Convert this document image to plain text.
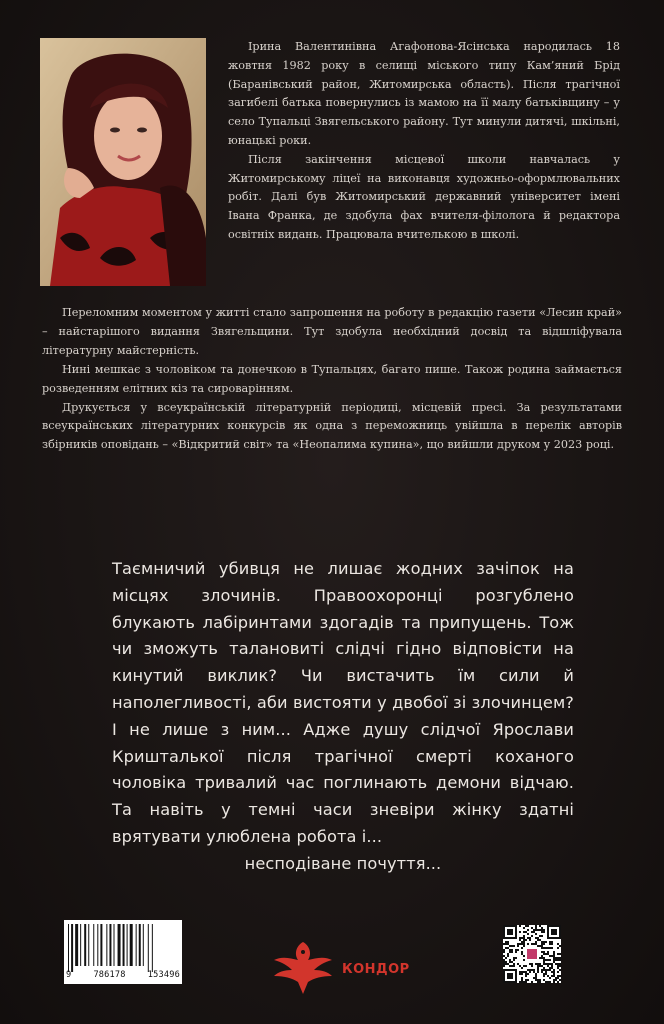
Ірина Валентинівна Агафонова-Ясінська народилась 18 жовтня 1982 року в селищі міського типу Кам’яний Брід (Баранівський район, Житомирська область). Після трагічної загибелі батька повернулись із мамою на її малу батьківщину – у село Тупальці Звягельського району. Тут минули дитячі, шкільні, юнацькі роки.

Після закінчення місцевої школи навчалась у Житомирському ліцеї на виконавця художньо-оформлювальних робіт. Далі був Житомирський державний університет імені Івана Франка, де здобула фах вчителя-філолога й редактора освітніх видань. Працювала вчителькою в школі.

Переломним моментом у житті стало запрошення на роботу в редакцію газети «Лесин край» – найстарішого видання Звягельщини. Тут здобула необхідний досвід та відшліфувала літературну майстерність.

Нині мешкає з чоловіком та донечкою в Тупальцях, багато пише. Також родина займається розведенням елітних кіз та сироварінням.

Друкується у всеукраїнській літературній періодиці, місцевій пресі. За результатами всеукраїнських літературних конкурсів як одна з переможниць увійшла в перелік авторів збірників оповідань – «Відкритий світ» та «Неопалима купина», що вийшли друком у 2023 році.

Таємничий убивця не лишає жодних зачіпок на місцях злочинів. Правоохоронці розгублено блукають лабіринтами здогадів та припущень. Тож чи зможуть талановиті слідчі гідно відповісти на кинутий виклик? Чи вистачить їм сили й наполегливості, аби вистояти у двобої зі злочинцем? І не лише з ним... Адже душу слідчої Ярослави Кришталької після трагічної смерті коханого чоловіка тривалий час поглинають демони відчаю. Та навіть у темні часи зневіри жінку здатні врятувати улюблена робота і...
несподіване почуття...
9	786178	153496	КОНДОР
